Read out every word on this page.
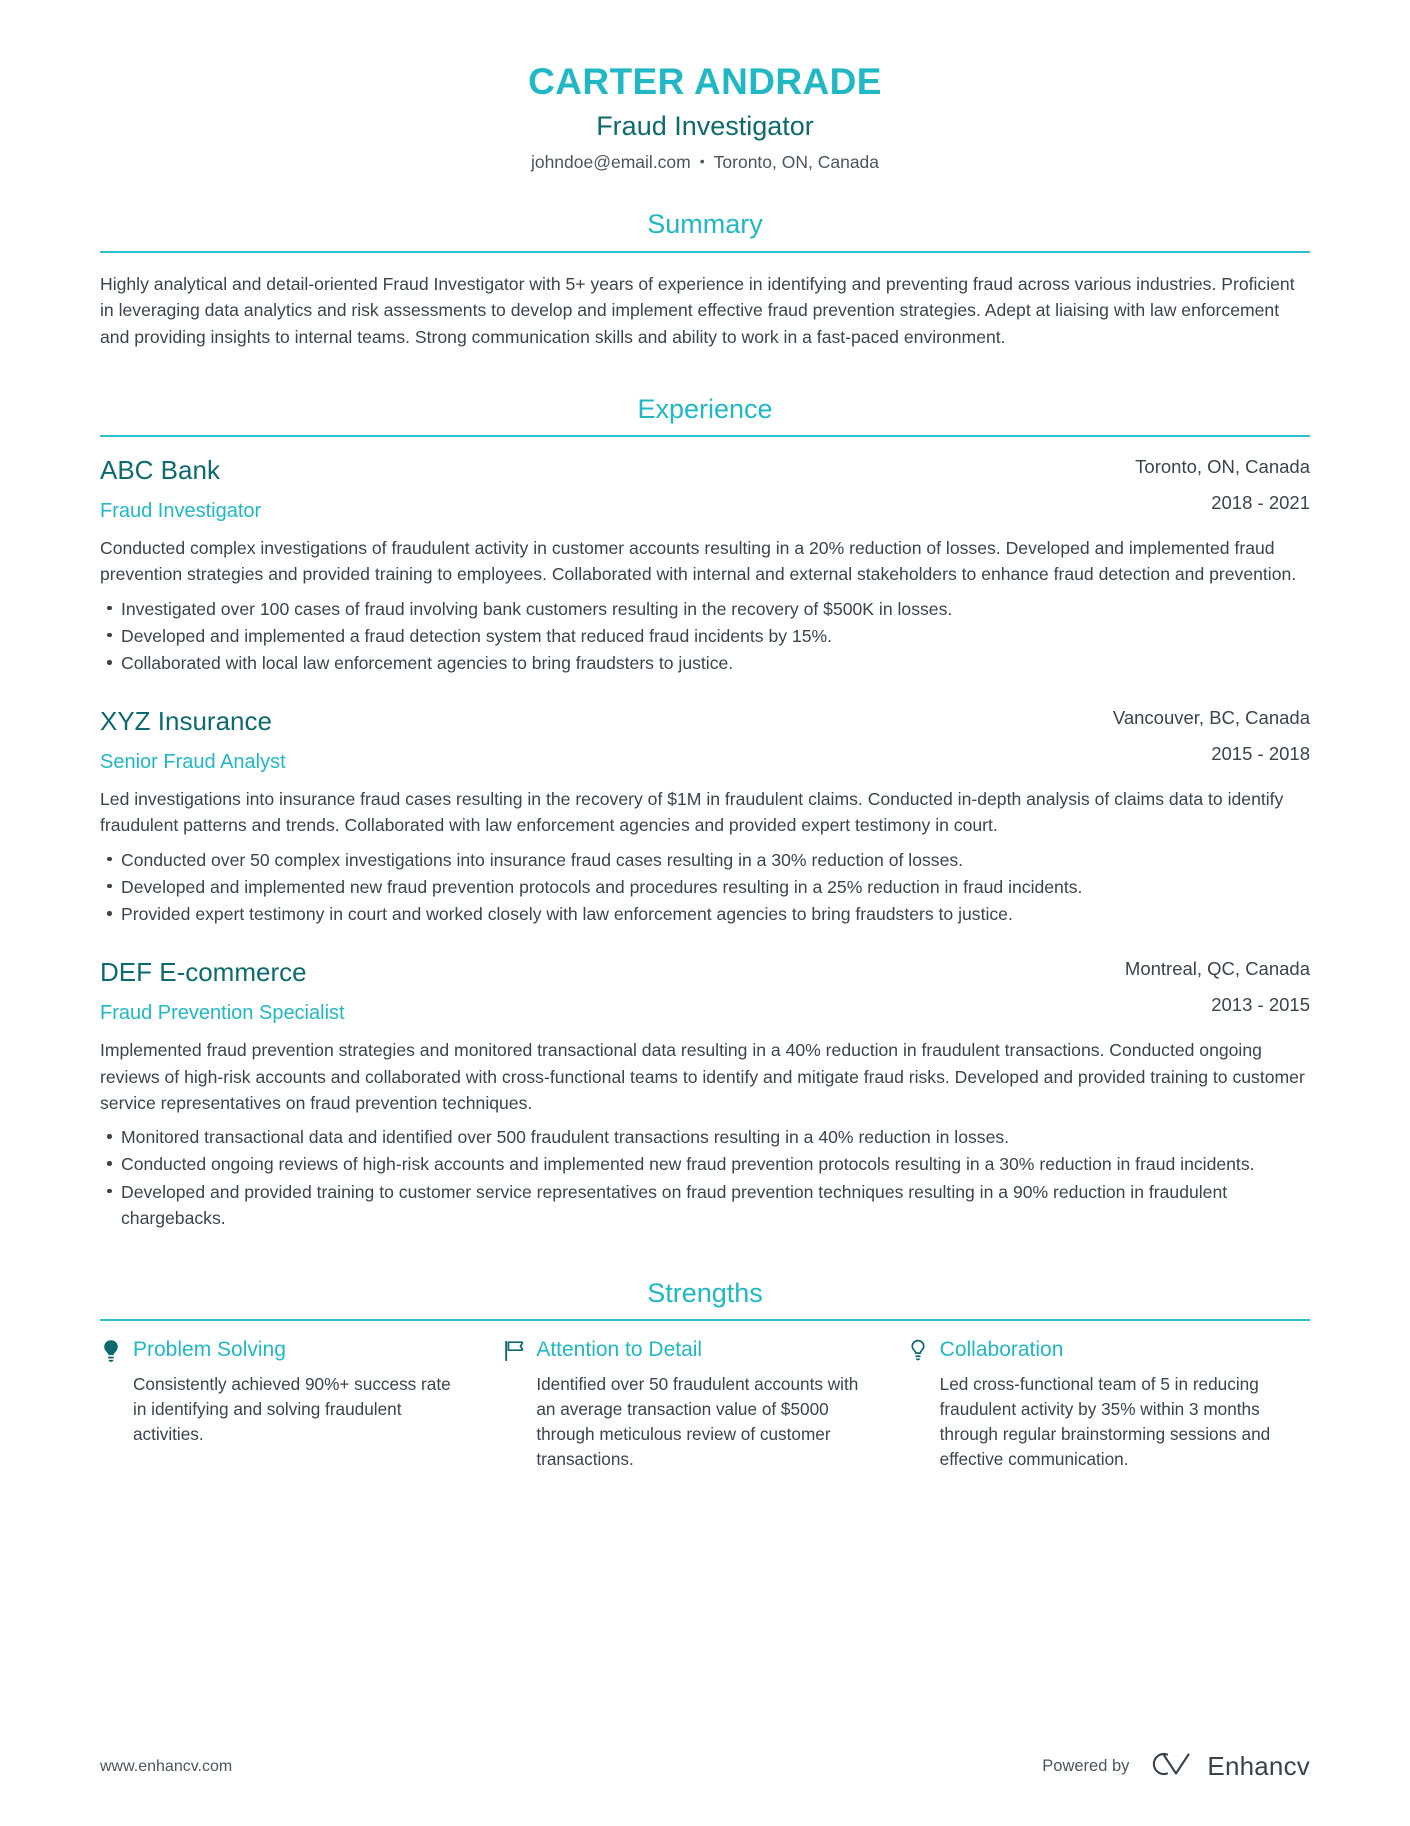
CARTER ANDRADE
Fraud Investigator
johndoe@email.com • Toronto, ON, Canada
Summary

Highly analytical and detail-oriented Fraud Investigator with 5+ years of experience in identifying and preventing fraud across various industries. Proficient in leveraging data analytics and risk assessments to develop and implement effective fraud prevention strategies. Adept at liaising with law enforcement and providing insights to internal teams. Strong communication skills and ability to work in a fast-paced environment.

Experience
ABC Bank
Fraud Investigator
Toronto, ON, Canada
2018 - 2021
Conducted complex investigations of fraudulent activity in customer accounts resulting in a 20% reduction of losses. Developed and implemented fraud prevention strategies and provided training to employees. Collaborated with internal and external stakeholders to enhance fraud detection and prevention.
Investigated over 100 cases of fraud involving bank customers resulting in the recovery of $500K in losses.
Developed and implemented a fraud detection system that reduced fraud incidents by 15%.
Collaborated with local law enforcement agencies to bring fraudsters to justice.
XYZ Insurance
Senior Fraud Analyst
Vancouver, BC, Canada
2015 - 2018
Led investigations into insurance fraud cases resulting in the recovery of $1M in fraudulent claims. Conducted in-depth analysis of claims data to identify fraudulent patterns and trends. Collaborated with law enforcement agencies and provided expert testimony in court.
Conducted over 50 complex investigations into insurance fraud cases resulting in a 30% reduction of losses.
Developed and implemented new fraud prevention protocols and procedures resulting in a 25% reduction in fraud incidents.
Provided expert testimony in court and worked closely with law enforcement agencies to bring fraudsters to justice.
DEF E-commerce
Fraud Prevention Specialist
Montreal, QC, Canada
2013 - 2015
Implemented fraud prevention strategies and monitored transactional data resulting in a 40% reduction in fraudulent transactions. Conducted ongoing reviews of high-risk accounts and collaborated with cross-functional teams to identify and mitigate fraud risks. Developed and provided training to customer service representatives on fraud prevention techniques.
Monitored transactional data and identified over 500 fraudulent transactions resulting in a 40% reduction in losses.
Conducted ongoing reviews of high-risk accounts and implemented new fraud prevention protocols resulting in a 30% reduction in fraud incidents.
Developed and provided training to customer service representatives on fraud prevention techniques resulting in a 90% reduction in fraudulent chargebacks.
Strengths
Problem Solving
Consistently achieved 90%+ success rate in identifying and solving fraudulent activities.
Attention to Detail
Identified over 50 fraudulent accounts with an average transaction value of $5000 through meticulous review of customer transactions.
Collaboration
Led cross-functional team of 5 in reducing fraudulent activity by 35% within 3 months through regular brainstorming sessions and effective communication.
www.enhancv.com	Powered by	Enhancv
